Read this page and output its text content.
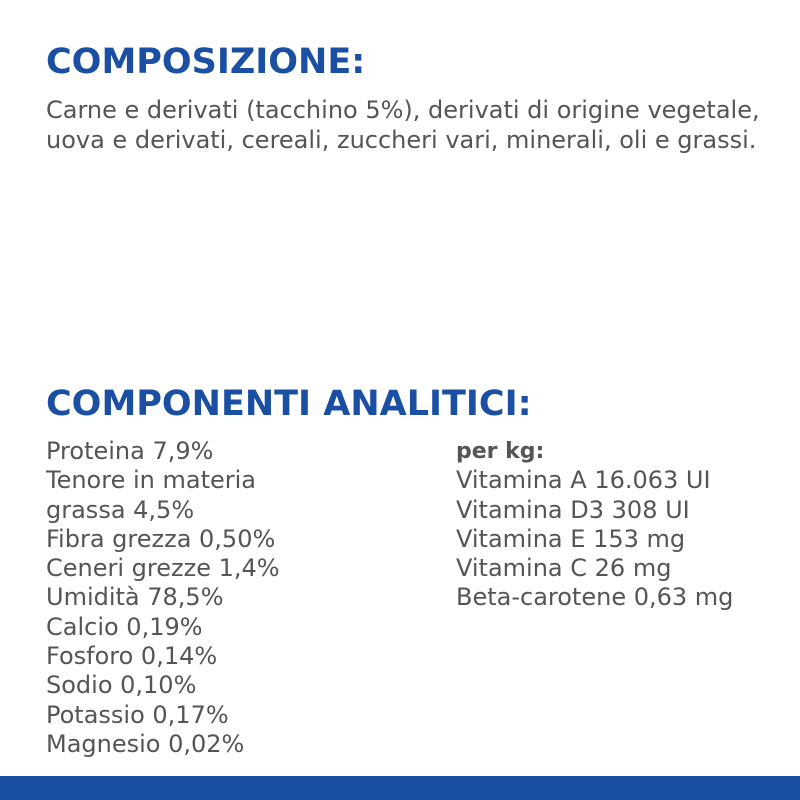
COMPOSIZIONE:

Carne e derivati (tacchino 5%), derivati di origine vegetale, uova e derivati, cereali, zuccheri vari, minerali, oli e grassi.

COMPONENTI ANALITICI:
Proteina 7,9%
Tenore in materia
grassa 4,5%
Fibra grezza 0,50%
Ceneri grezze 1,4%
Umidità 78,5%
Calcio 0,19%
Fosforo 0,14%
Sodio 0,10%
Potassio 0,17%
Magnesio 0,02%
per kg:
Vitamina A 16.063 UI
Vitamina D3 308 UI
Vitamina E 153 mg
Vitamina C 26 mg
Beta-carotene 0,63 mg
